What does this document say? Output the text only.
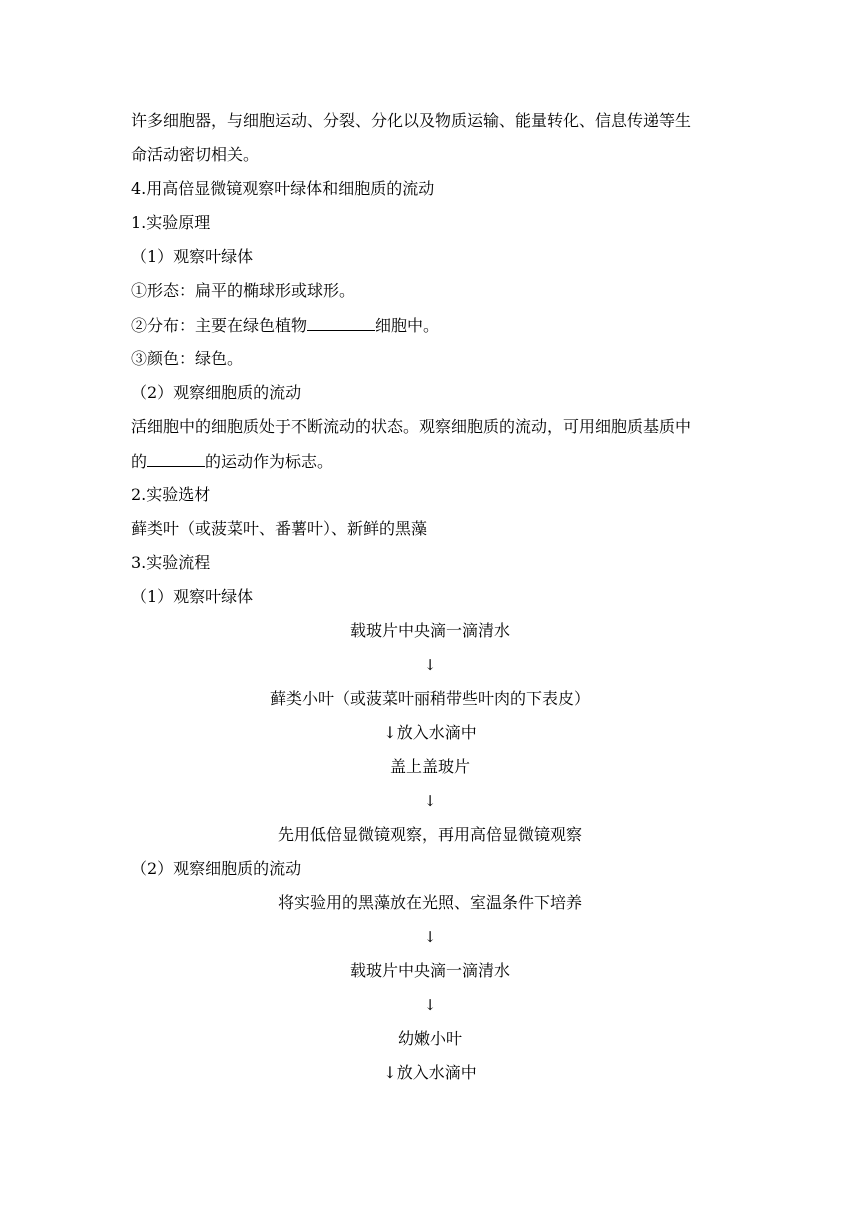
许多细胞器，与细胞运动、分裂、分化以及物质运输、能量转化、信息传递等生
命活动密切相关。
4.用高倍显微镜观察叶绿体和细胞质的流动
1.实验原理
（1）观察叶绿体
①形态：扁平的椭球形或球形。
②分布：主要在绿色植物	细胞中。
③颜色：绿色。
（2）观察细胞质的流动
活细胞中的细胞质处于不断流动的状态。观察细胞质的流动，可用细胞质基质中
的	的运动作为标志。
2.实验选材
藓类叶（或菠菜叶、番薯叶）、新鲜的黑藻
3.实验流程
（1）观察叶绿体
载玻片中央滴一滴清水
↓
藓类小叶（或菠菜叶丽稍带些叶肉的下表皮）
↓放入水滴中
盖上盖玻片
↓
先用低倍显微镜观察，再用高倍显微镜观察
（2）观察细胞质的流动
将实验用的黑藻放在光照、室温条件下培养
↓
载玻片中央滴一滴清水
↓
幼嫩小叶
↓放入水滴中
